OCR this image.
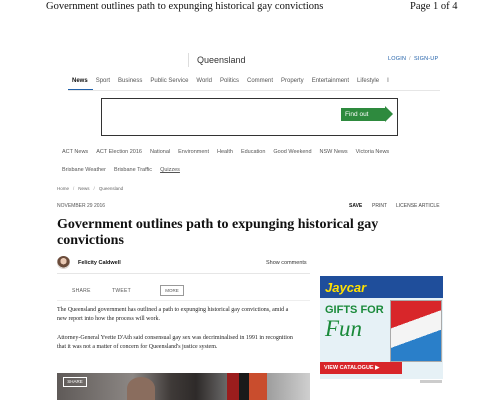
Government outlines path to expunging historical gay convictions	Page 1 of 4
Queensland	LOGIN / SIGN-UP
News Sport Business Public Service World Politics Comment Property Entertainment Lifestyle I
Find out more
ACT News ACT Election 2016 National Environment Health Education Good Weekend NSW News Victoria News
Brisbane Weather Brisbane Traffic Quizzes
Home / News / Queensland
NOVEMBER 29 2016	SAVE PRINT LICENSE ARTICLE
Government outlines path to expunging historical gay convictions
Felicity Caldwell	Show comments
SHARE	TWEET	MORE
The Queensland government has outlined a path to expunging historical gay convictions, amid a new report into how the process will work.
Attorney-General Yvette D'Ath said consensual gay sex was decriminalised in 1991 in recognition that it was not a matter of concern for Queensland's justice system.
SHARE
Jaycar
GIFTS FOR
Fun
VIEW CATALOGUE ▶
